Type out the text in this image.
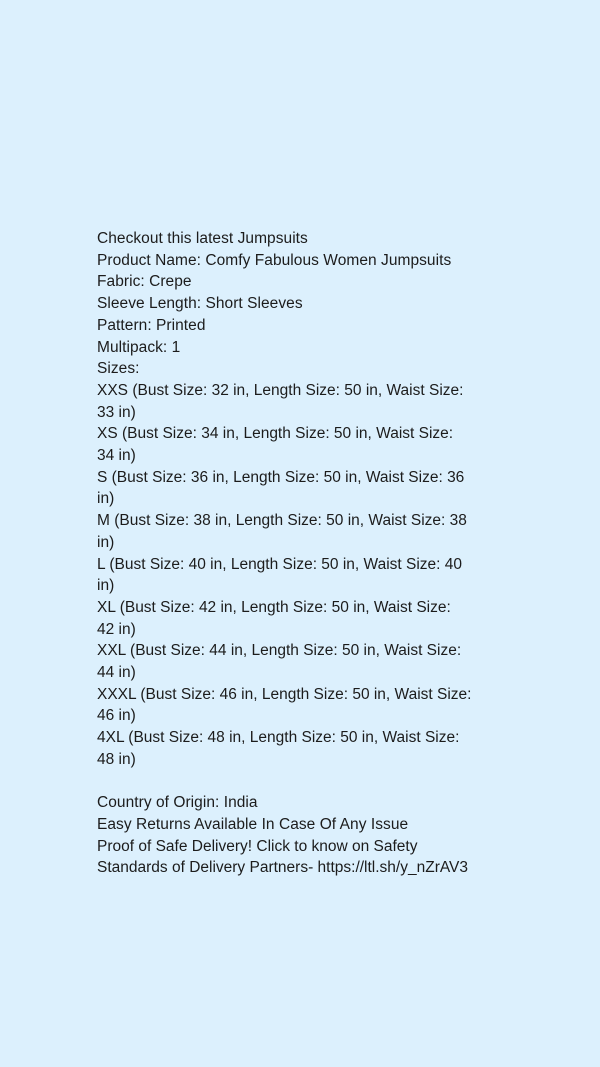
Checkout this latest Jumpsuits
Product Name: Comfy Fabulous Women Jumpsuits
Fabric: Crepe
Sleeve Length: Short Sleeves
Pattern: Printed
Multipack: 1
Sizes:
XXS (Bust Size: 32 in, Length Size: 50 in, Waist Size: 33 in)
XS (Bust Size: 34 in, Length Size: 50 in, Waist Size: 34 in)
S (Bust Size: 36 in, Length Size: 50 in, Waist Size: 36 in)
M (Bust Size: 38 in, Length Size: 50 in, Waist Size: 38 in)
L (Bust Size: 40 in, Length Size: 50 in, Waist Size: 40 in)
XL (Bust Size: 42 in, Length Size: 50 in, Waist Size: 42 in)
XXL (Bust Size: 44 in, Length Size: 50 in, Waist Size: 44 in)
XXXL (Bust Size: 46 in, Length Size: 50 in, Waist Size: 46 in)
4XL (Bust Size: 48 in, Length Size: 50 in, Waist Size: 48 in)
Country of Origin: India
Easy Returns Available In Case Of Any Issue
Proof of Safe Delivery! Click to know on Safety Standards of Delivery Partners- https://ltl.sh/y_nZrAV3
